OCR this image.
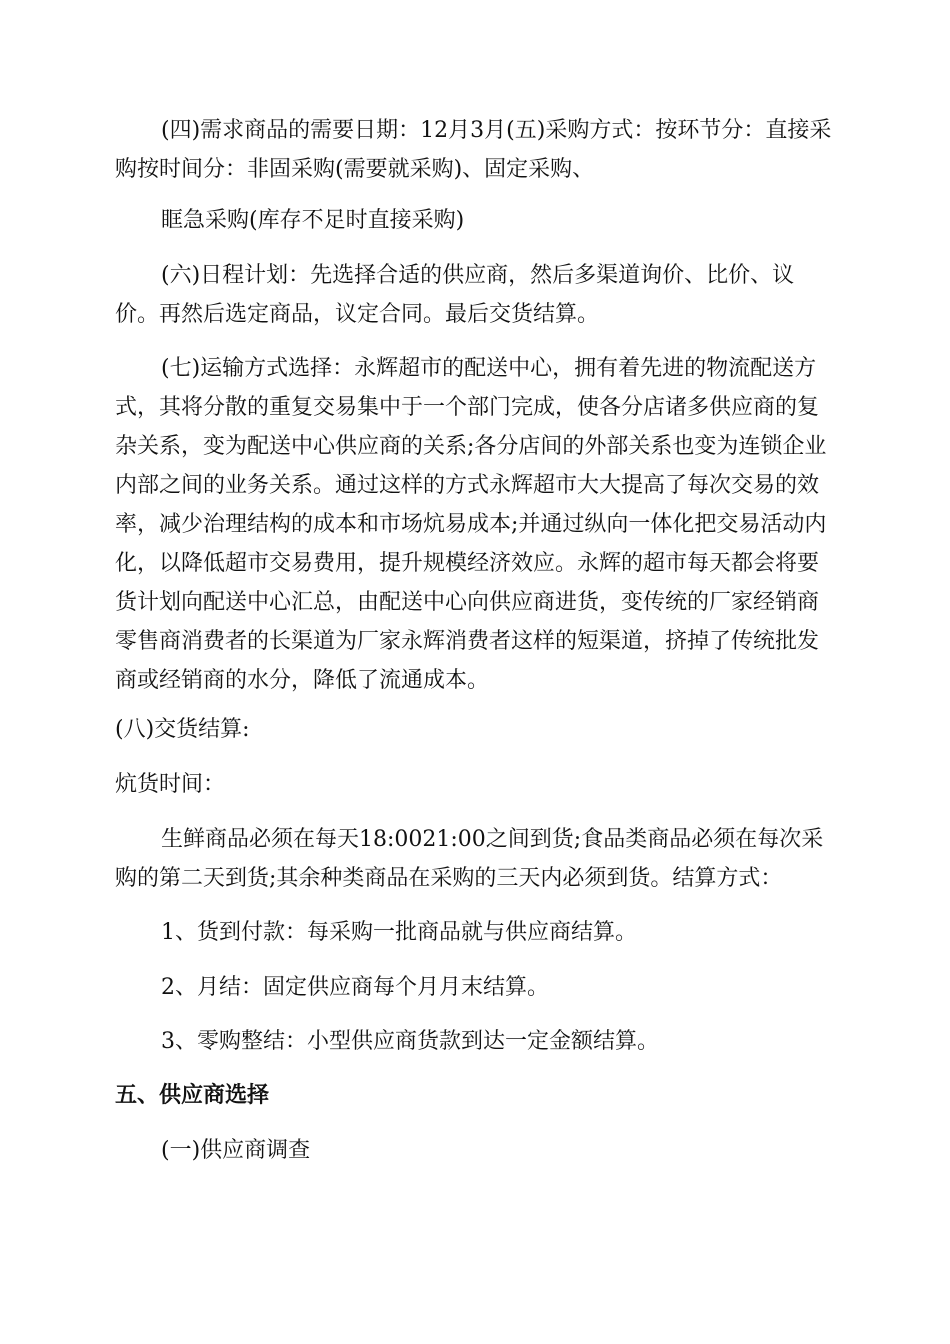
(四)需求商品的需要日期：12月3月(五)采购方式：按环节分：直接采购按时间分：非固采购(需要就采购)、固定采购、

眶急采购(库存不足时直接采购)

(六)日程计划：先选择合适的供应商，然后多渠道询价、比价、议价。再然后选定商品，议定合同。最后交货结算。

(七)运输方式选择：永辉超市的配送中心，拥有着先进的物流配送方式，其将分散的重复交易集中于一个部门完成，使各分店诸多供应商的复杂关系，变为配送中心供应商的关系;各分店间的外部关系也变为连锁企业内部之间的业务关系。通过这样的方式永辉超市大大提高了每次交易的效率，减少治理结构的成本和市场炕易成本;并通过纵向一体化把交易活动内化，以降低超市交易费用，提升规模经济效应。永辉的超市每天都会将要货计划向配送中心汇总，由配送中心向供应商进货，变传统的厂家经销商零售商消费者的长渠道为厂家永辉消费者这样的短渠道，挤掉了传统批发商或经销商的水分，降低了流通成本。

(八)交货结算:

炕货时间：

生鲜商品必须在每天18:0021:00之间到货;食品类商品必须在每次采购的第二天到货;其余种类商品在采购的三天内必须到货。结算方式：

1、货到付款：每采购一批商品就与供应商结算。

2、月结：固定供应商每个月月末结算。

3、零购整结：小型供应商货款到达一定金额结算。

五、供应商选择

(一)供应商调查
